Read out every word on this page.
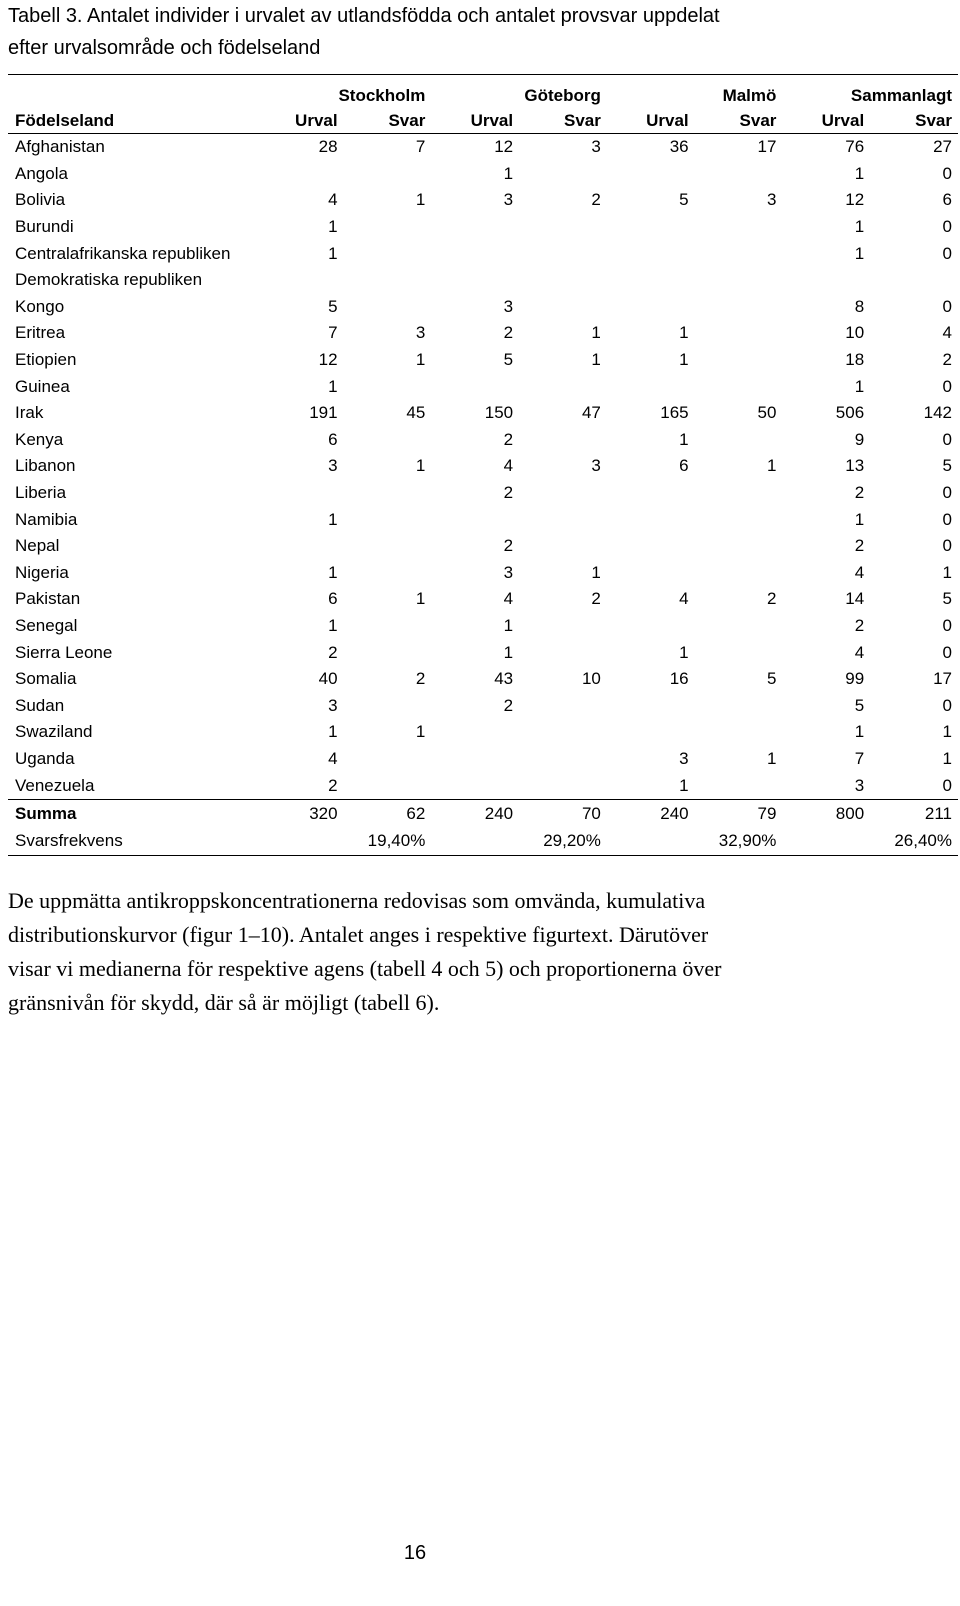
Tabell 3. Antalet individer i urvalet av utlandsfödda och antalet provsvar uppdelat
efter urvalsområde och födelseland

	Stockholm		Göteborg		Malmö		Sammanlagt	
Födelseland	Urval	Svar	Urval	Svar	Urval	Svar	Urval	Svar
Afghanistan	28	7	12	3	36	17	76	27
Angola			1				1	0
Bolivia	4	1	3	2	5	3	12	6
Burundi	1						1	0
Centralafrikanska republiken	1						1	0
Demokratiska republiken								
Kongo	5		3				8	0
Eritrea	7	3	2	1	1		10	4
Etiopien	12	1	5	1	1		18	2
Guinea	1						1	0
Irak	191	45	150	47	165	50	506	142
Kenya	6		2		1		9	0
Libanon	3	1	4	3	6	1	13	5
Liberia			2				2	0
Namibia	1						1	0
Nepal			2				2	0
Nigeria	1		3	1			4	1
Pakistan	6	1	4	2	4	2	14	5
Senegal	1		1				2	0
Sierra Leone	2		1		1		4	0
Somalia	40	2	43	10	16	5	99	17
Sudan	3		2				5	0
Swaziland	1	1					1	1
Uganda	4				3	1	7	1
Venezuela	2				1		3	0
Summa	320	62	240	70	240	79	800	211
Svarsfrekvens	19,40%		29,20%		32,90%		26,40%	
De uppmätta antikroppskoncentrationerna redovisas som omvända, kumulativa
distributionskurvor (figur 1–10). Antalet anges i respektive figurtext. Därutöver
visar vi medianerna för respektive agens (tabell 4 och 5) och proportionerna över
gränsnivån för skydd, där så är möjligt (tabell 6).
16
